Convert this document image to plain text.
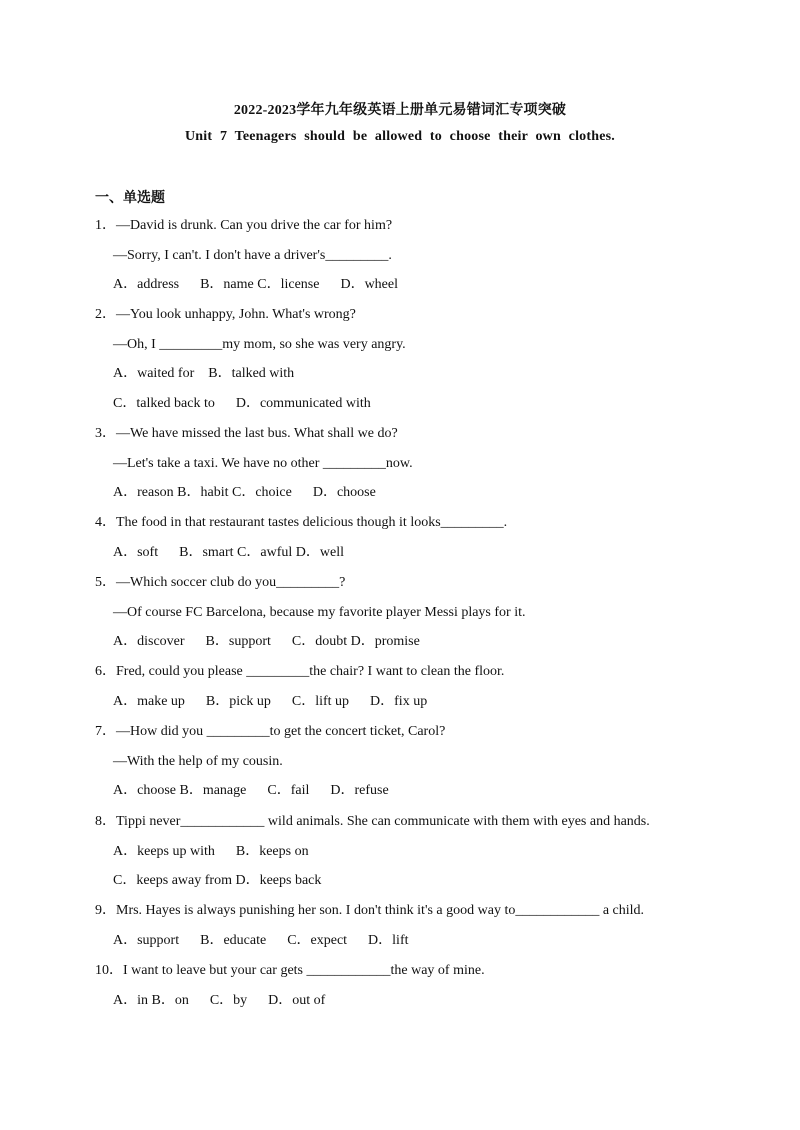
2022-2023学年九年级英语上册单元易错词汇专项突破
Unit 7 Teenagers should be allowed to choose their own clothes.
一、单选题
1．—David is drunk. Can you drive the car for him?
—Sorry, I can't. I don't have a driver's_________.
A．address      B．name C．license      D．wheel
2．—You look unhappy, John. What's wrong?
—Oh, I _________my mom, so she was very angry.
A．waited for    B．talked with
C．talked back to      D．communicated with
3．—We have missed the last bus. What shall we do?
—Let's take a taxi. We have no other _________now.
A．reason B．habit C．choice      D．choose
4．The food in that restaurant tastes delicious though it looks_________.
A．soft      B．smart C．awful D．well
5．—Which soccer club do you_________?
—Of course FC Barcelona, because my favorite player Messi plays for it.
A．discover      B．support      C．doubt D．promise
6．Fred, could you please _________the chair? I want to clean the floor.
A．make up      B．pick up      C．lift up      D．fix up
7．—How did you _________to get the concert ticket, Carol?
—With the help of my cousin.
A．choose B．manage      C．fail      D．refuse
8．Tippi never____________ wild animals. She can communicate with them with eyes and hands.
A．keeps up with      B．keeps on
C．keeps away from D．keeps back
9．Mrs. Hayes is always punishing her son. I don't think it's a good way to____________ a child.
A．support      B．educate      C．expect      D．lift
10．I want to leave but your car gets ____________the way of mine.
A．in B．on      C．by      D．out of
